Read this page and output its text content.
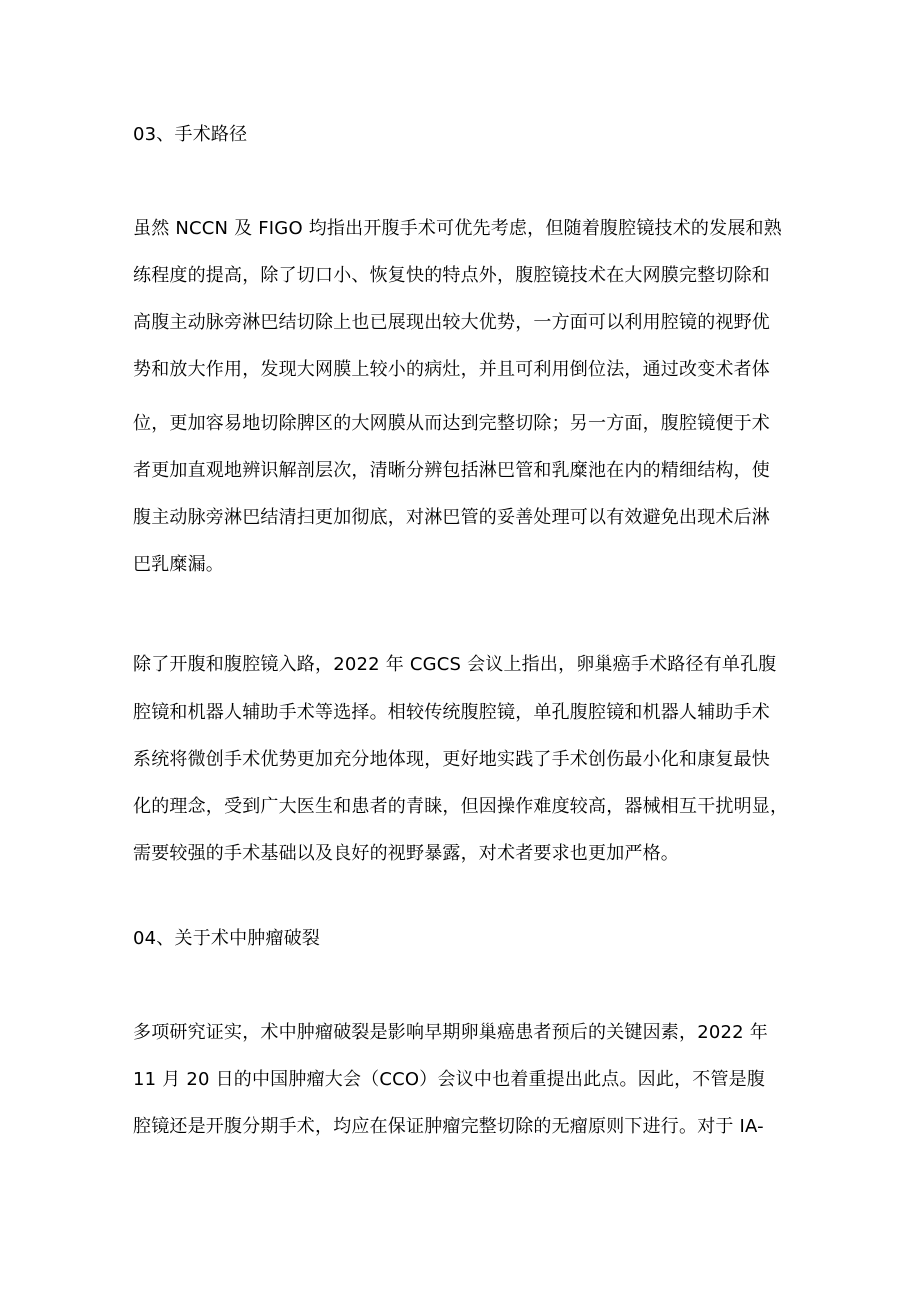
03、手术路径
虽然 NCCN 及 FIGO 均指出开腹手术可优先考虑，但随着腹腔镜技术的发展和熟
练程度的提高，除了切口小、恢复快的特点外，腹腔镜技术在大网膜完整切除和
高腹主动脉旁淋巴结切除上也已展现出较大优势，一方面可以利用腔镜的视野优
势和放大作用，发现大网膜上较小的病灶，并且可利用倒位法，通过改变术者体
位，更加容易地切除脾区的大网膜从而达到完整切除；另一方面，腹腔镜便于术
者更加直观地辨识解剖层次，清晰分辨包括淋巴管和乳糜池在内的精细结构，使
腹主动脉旁淋巴结清扫更加彻底，对淋巴管的妥善处理可以有效避免出现术后淋
巴乳糜漏。
除了开腹和腹腔镜入路，2022 年 CGCS 会议上指出，卵巢癌手术路径有单孔腹
腔镜和机器人辅助手术等选择。相较传统腹腔镜，单孔腹腔镜和机器人辅助手术
系统将微创手术优势更加充分地体现，更好地实践了手术创伤最小化和康复最快
化的理念，受到广大医生和患者的青睐，但因操作难度较高，器械相互干扰明显，
需要较强的手术基础以及良好的视野暴露，对术者要求也更加严格。
04、关于术中肿瘤破裂
多项研究证实，术中肿瘤破裂是影响早期卵巢癌患者预后的关键因素，2022 年
11 月 20 日的中国肿瘤大会（CCO）会议中也着重提出此点。因此，不管是腹
腔镜还是开腹分期手术，均应在保证肿瘤完整切除的无瘤原则下进行。对于 IA-
